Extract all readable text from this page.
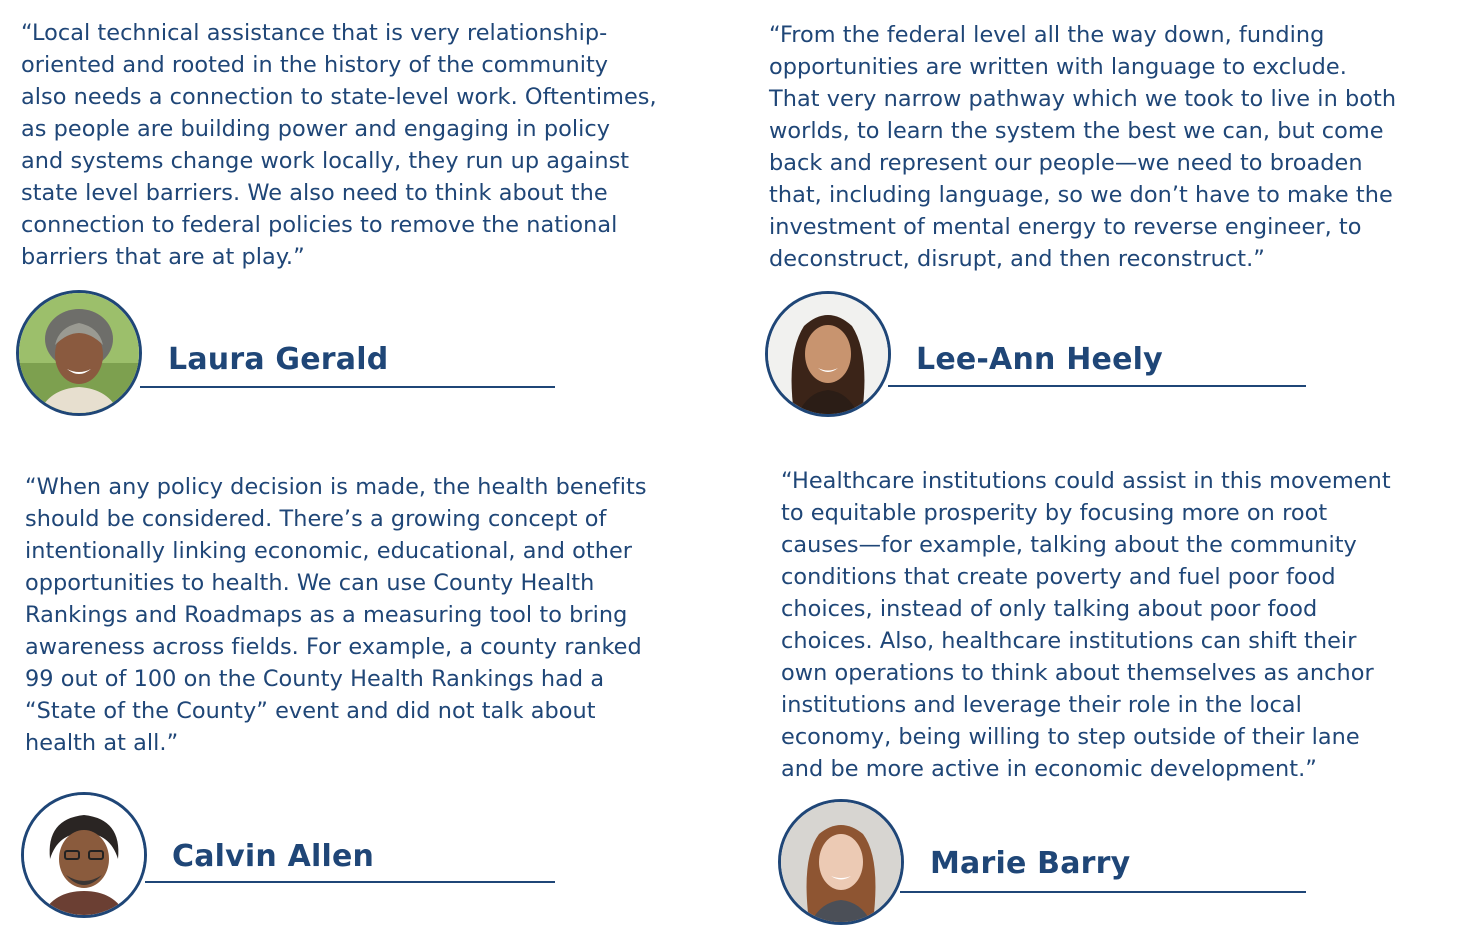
“Local technical assistance that is very relationship-
oriented and rooted in the history of the community
also needs a connection to state-level work. Oftentimes,
as people are building power and engaging in policy
and systems change work locally, they run up against
state level barriers. We also need to think about the
connection to federal policies to remove the national
barriers that are at play.”

Laura Gerald

“From the federal level all the way down, funding
opportunities are written with language to exclude.
That very narrow pathway which we took to live in both
worlds, to learn the system the best we can, but come
back and represent our people—we need to broaden
that, including language, so we don’t have to make the
investment of mental energy to reverse engineer, to
deconstruct, disrupt, and then reconstruct.”

Lee-Ann Heely

“When any policy decision is made, the health benefits
should be considered. There’s a growing concept of
intentionally linking economic, educational, and other
opportunities to health. We can use County Health
Rankings and Roadmaps as a measuring tool to bring
awareness across fields. For example, a county ranked
99 out of 100 on the County Health Rankings had a
“State of the County” event and did not talk about
health at all.”

Calvin Allen

“Healthcare institutions could assist in this movement
to equitable prosperity by focusing more on root
causes—for example, talking about the community
conditions that create poverty and fuel poor food
choices, instead of only talking about poor food
choices. Also, healthcare institutions can shift their
own operations to think about themselves as anchor
institutions and leverage their role in the local
economy, being willing to step outside of their lane
and be more active in economic development.”

Marie Barry
